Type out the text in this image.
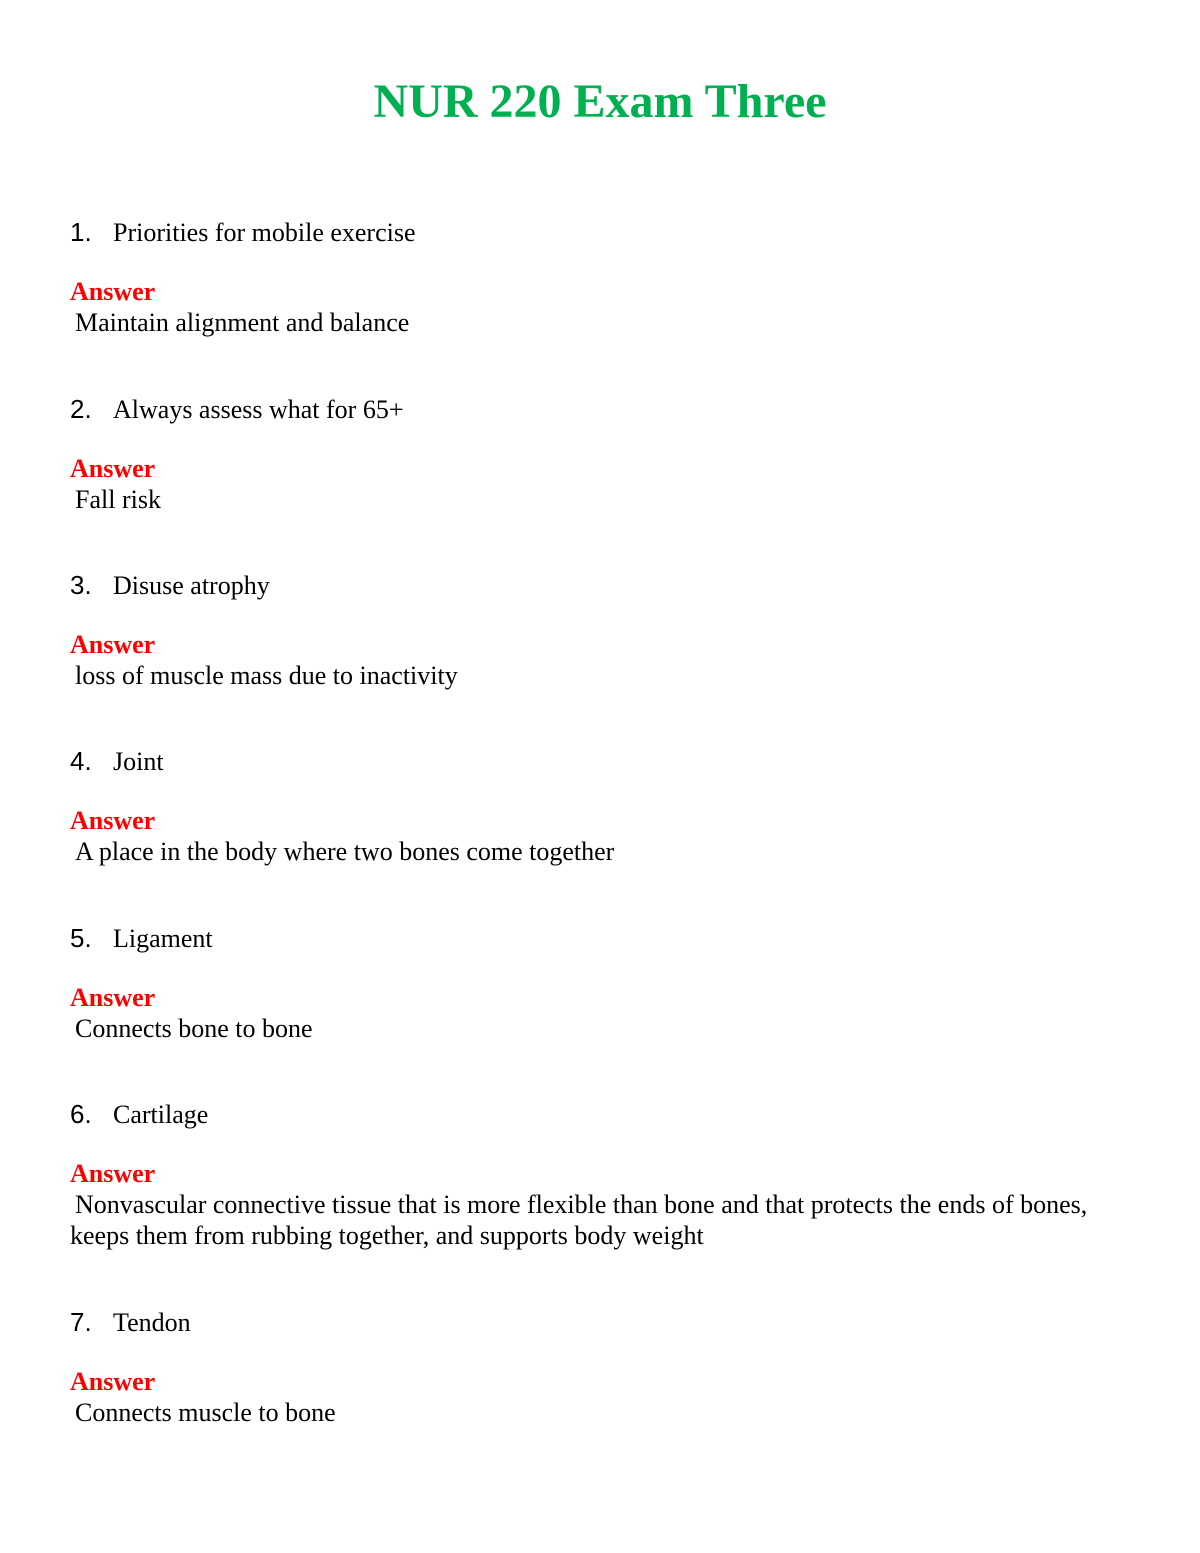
NUR 220 Exam Three
1. Priorities for mobile exercise
Answer
Maintain alignment and balance
2. Always assess what for 65+
Answer
Fall risk
3. Disuse atrophy
Answer
loss of muscle mass due to inactivity
4. Joint
Answer
A place in the body where two bones come together
5. Ligament
Answer
Connects bone to bone
6. Cartilage
Answer
Nonvascular connective tissue that is more flexible than bone and that protects the ends of bones, keeps them from rubbing together, and supports body weight
7. Tendon
Answer
Connects muscle to bone
